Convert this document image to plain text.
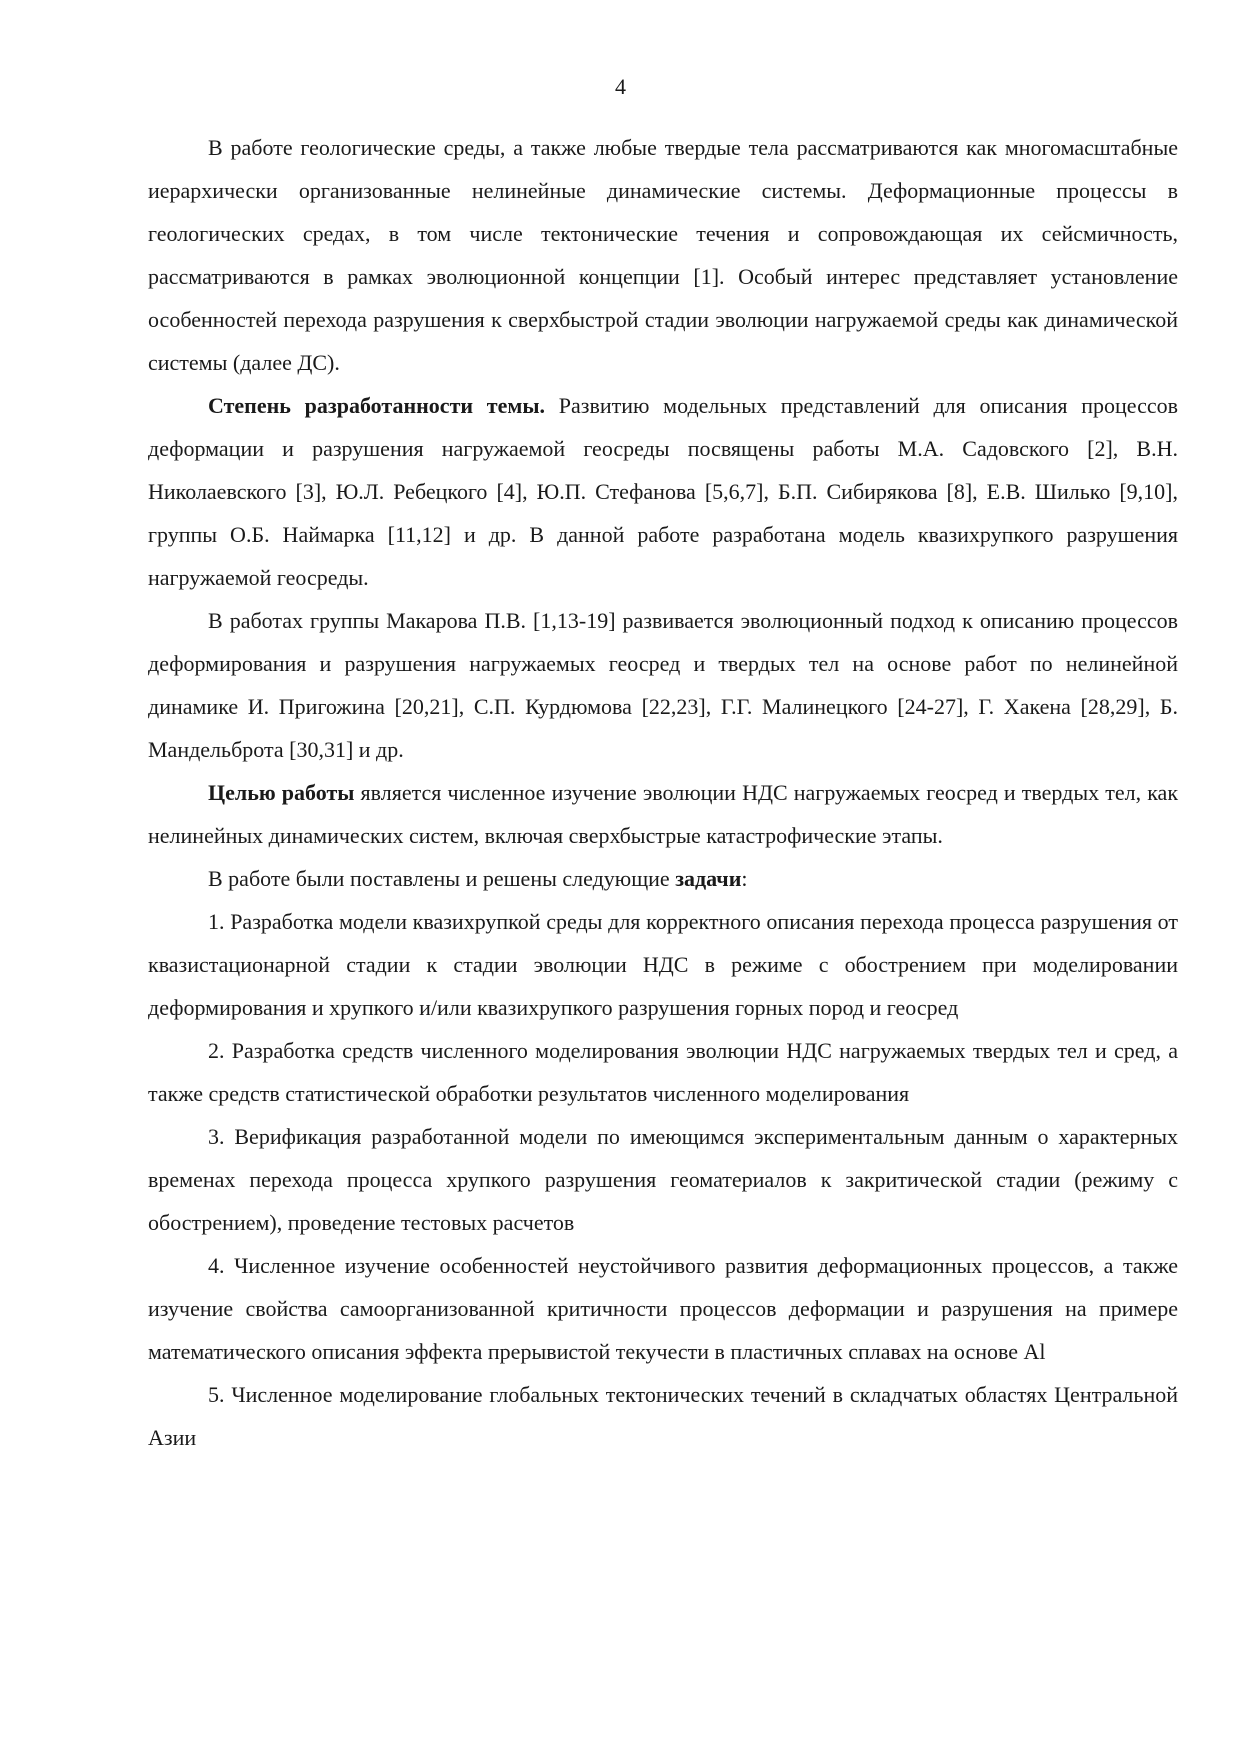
4

В работе геологические среды, а также любые твердые тела рассматриваются как многомасштабные иерархически организованные нелинейные динамические системы. Деформационные процессы в геологических средах, в том числе тектонические течения и сопровождающая их сейсмичность, рассматриваются в рамках эволюционной концепции [1]. Особый интерес представляет установление особенностей перехода разрушения к сверхбыстрой стадии эволюции нагружаемой среды как динамической системы (далее ДС).

Степень разработанности темы. Развитию модельных представлений для описания процессов деформации и разрушения нагружаемой геосреды посвящены работы М.А. Садовского [2], В.Н. Николаевского [3], Ю.Л. Ребецкого [4], Ю.П. Стефанова [5,6,7], Б.П. Сибирякова [8], Е.В. Шилько [9,10], группы О.Б. Наймарка [11,12] и др. В данной работе разработана модель квазихрупкого разрушения нагружаемой геосреды.

В работах группы Макарова П.В. [1,13-19] развивается эволюционный подход к описанию процессов деформирования и разрушения нагружаемых геосред и твердых тел на основе работ по нелинейной динамике И. Пригожина [20,21], С.П. Курдюмова [22,23], Г.Г. Малинецкого [24-27], Г. Хакена [28,29], Б. Мандельброта [30,31] и др.

Целью работы является численное изучение эволюции НДС нагружаемых геосред и твердых тел, как нелинейных динамических систем, включая сверхбыстрые катастрофические этапы.

В работе были поставлены и решены следующие задачи:

1. Разработка модели квазихрупкой среды для корректного описания перехода процесса разрушения от квазистационарной стадии к стадии эволюции НДС в режиме с обострением при моделировании деформирования и хрупкого и/или квазихрупкого разрушения горных пород и геосред

2. Разработка средств численного моделирования эволюции НДС нагружаемых твердых тел и сред, а также средств статистической обработки результатов численного моделирования

3. Верификация разработанной модели по имеющимся экспериментальным данным о характерных временах перехода процесса хрупкого разрушения геоматериалов к закритической стадии (режиму с обострением), проведение тестовых расчетов

4. Численное изучение особенностей неустойчивого развития деформационных процессов, а также изучение свойства самоорганизованной критичности процессов деформации и разрушения на примере математического описания эффекта прерывистой текучести в пластичных сплавах на основе Al

5. Численное моделирование глобальных тектонических течений в складчатых областях Центральной Азии
